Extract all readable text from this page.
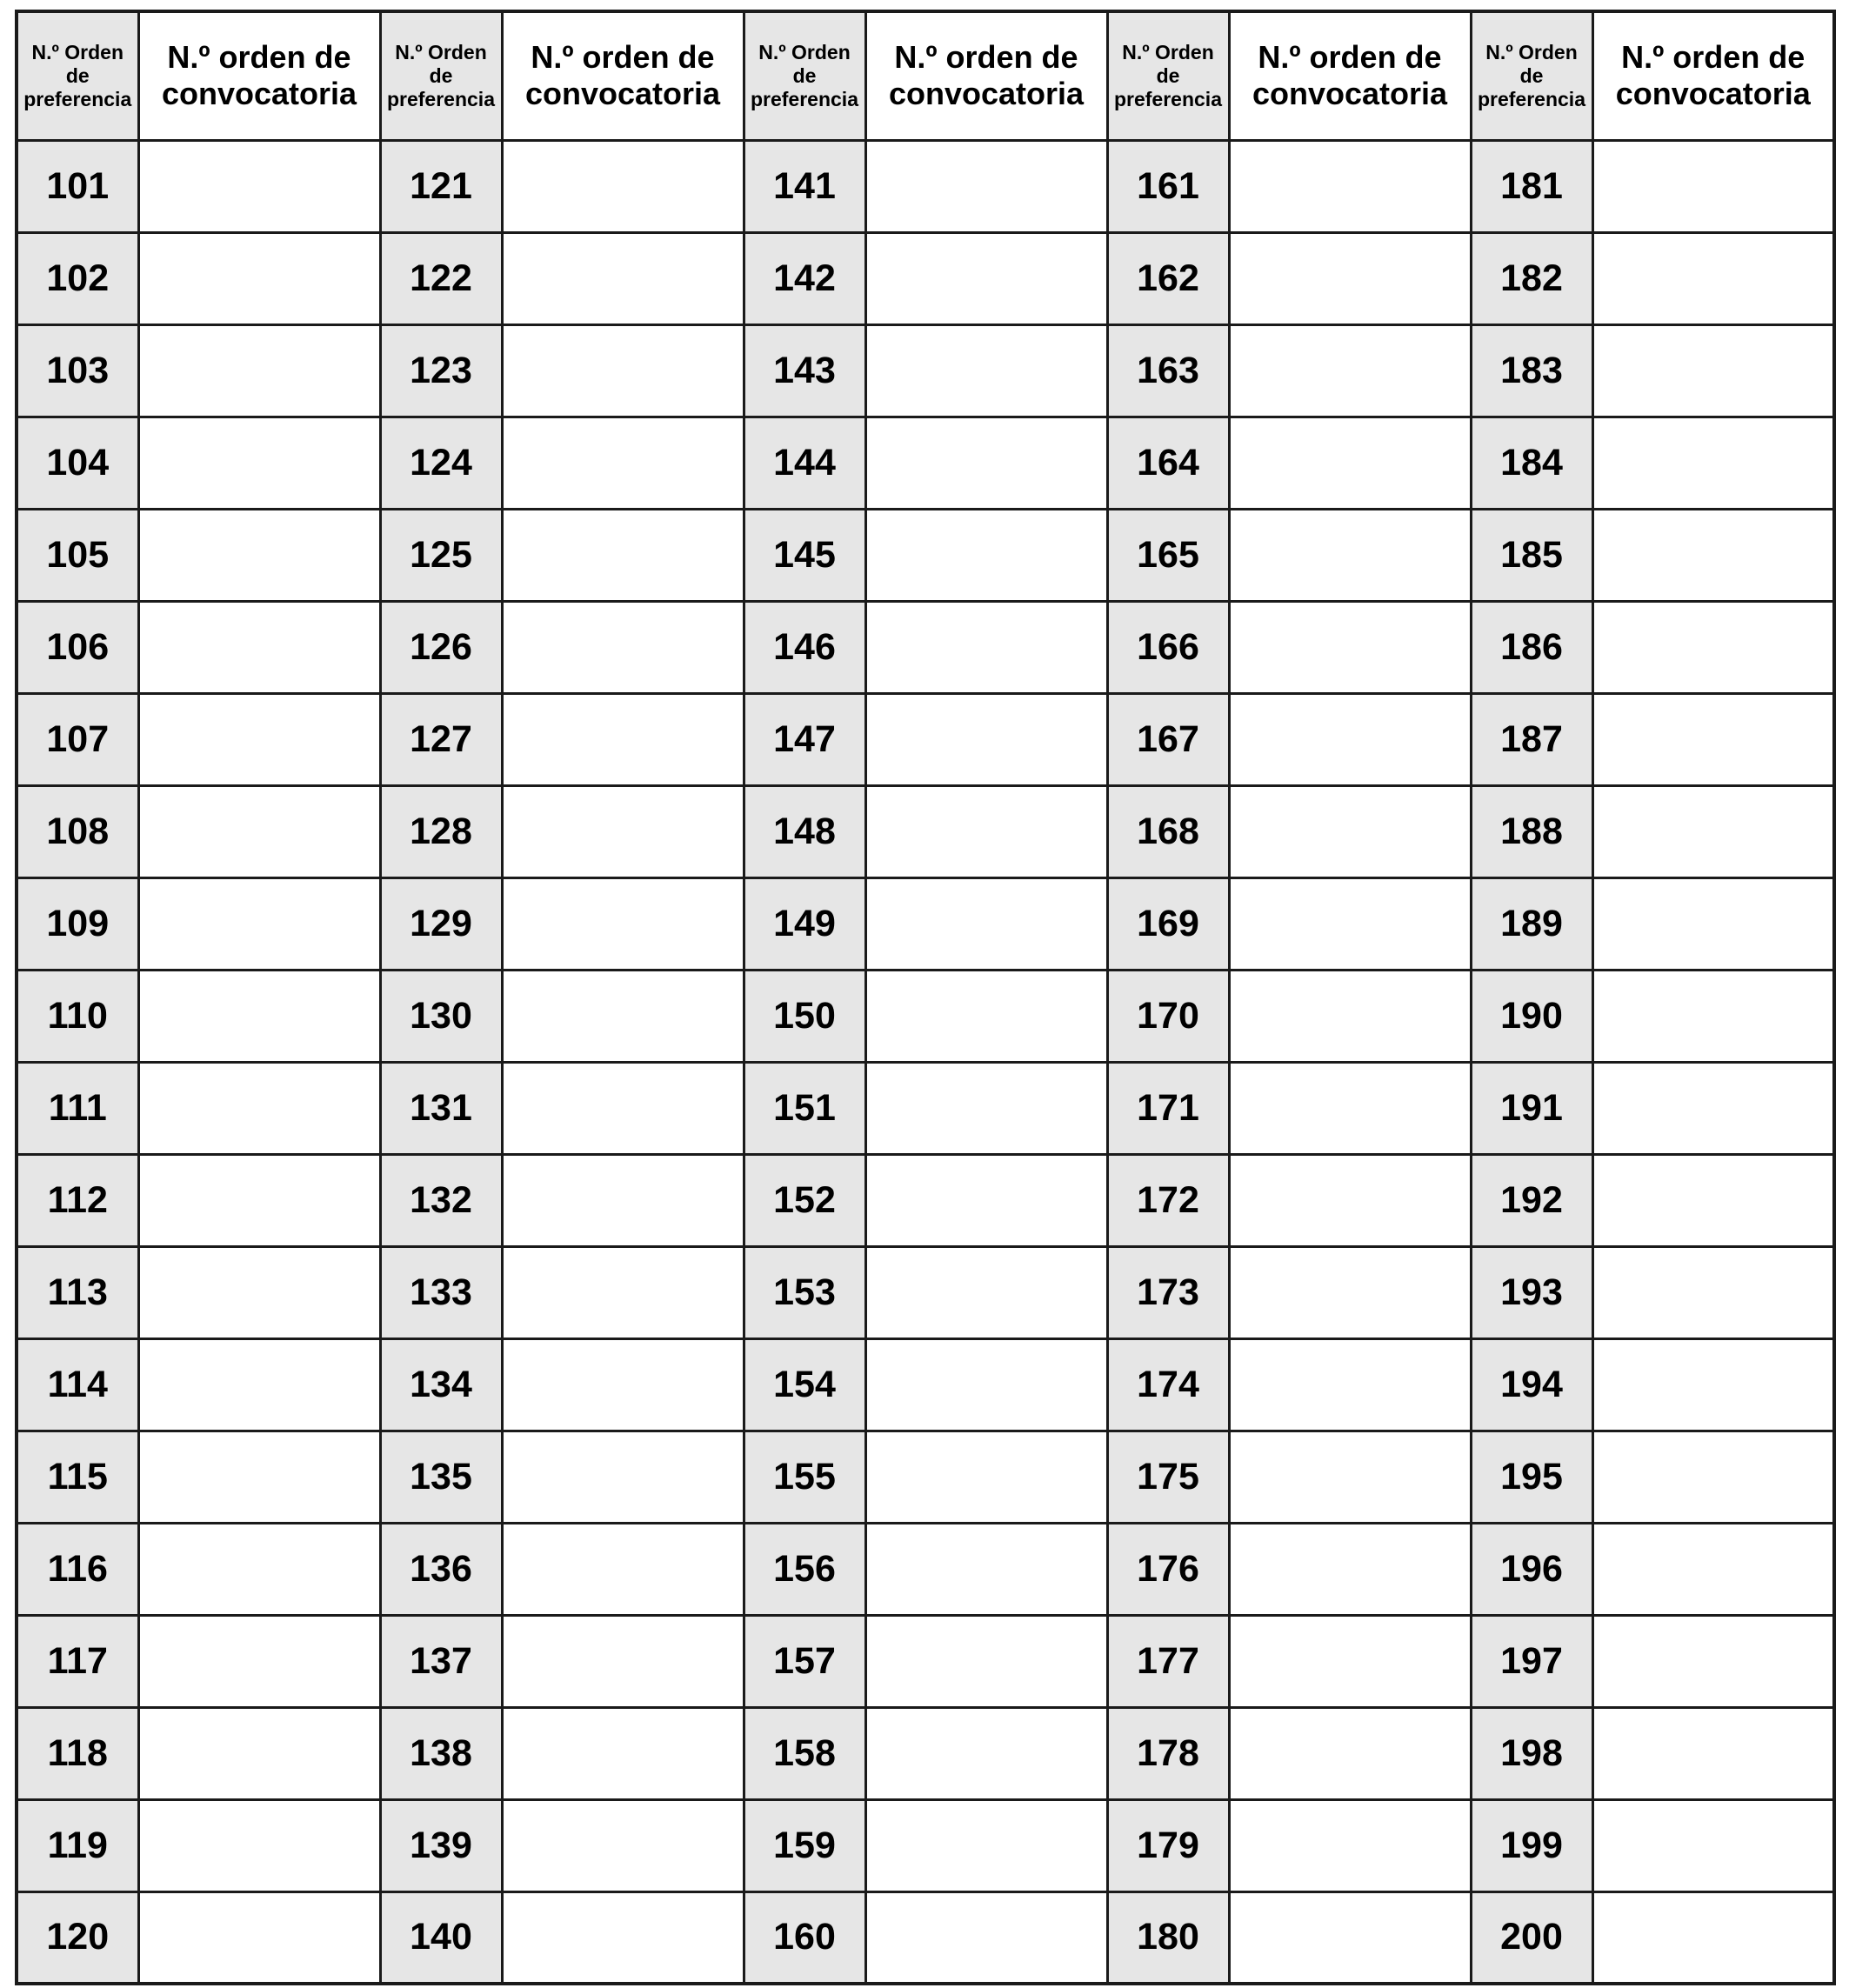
N.º Orden
de
preferencia	N.º orden de
convocatoria	N.º Orden
de
preferencia	N.º orden de
convocatoria	N.º Orden
de
preferencia	N.º orden de
convocatoria	N.º Orden
de
preferencia	N.º orden de
convocatoria	N.º Orden
de
preferencia	N.º orden de
convocatoria

101		121		141		161		181	
102		122		142		162		182	
103		123		143		163		183	
104		124		144		164		184	
105		125		145		165		185	
106		126		146		166		186	
107		127		147		167		187	
108		128		148		168		188	
109		129		149		169		189	
110		130		150		170		190	
111		131		151		171		191	
112		132		152		172		192	
113		133		153		173		193	
114		134		154		174		194	
115		135		155		175		195	
116		136		156		176		196	
117		137		157		177		197	
118		138		158		178		198	
119		139		159		179		199	
120		140		160		180		200	
